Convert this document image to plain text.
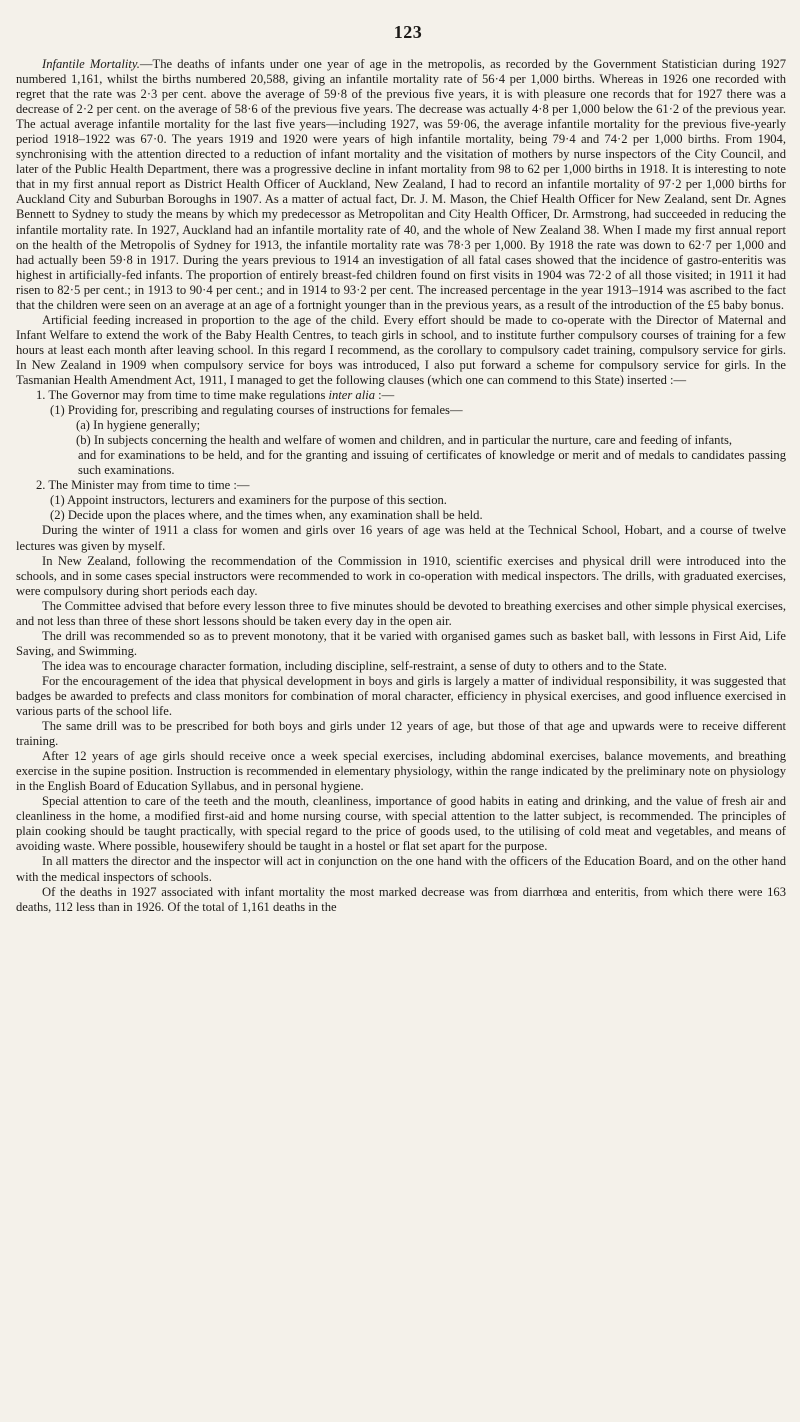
123

Infantile Mortality.—The deaths of infants under one year of age in the metropolis, as recorded by the Government Statistician during 1927 numbered 1,161, whilst the births numbered 20,588, giving an infantile mortality rate of 56·4 per 1,000 births. Whereas in 1926 one recorded with regret that the rate was 2·3 per cent. above the average of 59·8 of the previous five years, it is with pleasure one records that for 1927 there was a decrease of 2·2 per cent. on the average of 58·6 of the previous five years. The decrease was actually 4·8 per 1,000 below the 61·2 of the previous year. The actual average infantile mortality for the last five years—including 1927, was 59·06, the average infantile mortality for the previous five-yearly period 1918–1922 was 67·0. The years 1919 and 1920 were years of high infantile mortality, being 79·4 and 74·2 per 1,000 births. From 1904, synchronising with the attention directed to a reduction of infant mortality and the visitation of mothers by nurse inspectors of the City Council, and later of the Public Health Department, there was a progressive decline in infant mortality from 98 to 62 per 1,000 births in 1918. It is interesting to note that in my first annual report as District Health Officer of Auckland, New Zealand, I had to record an infantile mortality of 97·2 per 1,000 births for Auckland City and Suburban Boroughs in 1907. As a matter of actual fact, Dr. J. M. Mason, the Chief Health Officer for New Zealand, sent Dr. Agnes Bennett to Sydney to study the means by which my predecessor as Metropolitan and City Health Officer, Dr. Armstrong, had succeeded in reducing the infantile mortality rate. In 1927, Auckland had an infantile mortality rate of 40, and the whole of New Zealand 38. When I made my first annual report on the health of the Metropolis of Sydney for 1913, the infantile mortality rate was 78·3 per 1,000. By 1918 the rate was down to 62·7 per 1,000 and had actually been 59·8 in 1917. During the years previous to 1914 an investigation of all fatal cases showed that the incidence of gastro-enteritis was highest in artificially-fed infants. The proportion of entirely breast-fed children found on first visits in 1904 was 72·2 of all those visited; in 1911 it had risen to 82·5 per cent.; in 1913 to 90·4 per cent.; and in 1914 to 93·2 per cent. The increased percentage in the year 1913–1914 was ascribed to the fact that the children were seen on an average at an age of a fortnight younger than in the previous years, as a result of the introduction of the £5 baby bonus.

Artificial feeding increased in proportion to the age of the child. Every effort should be made to co-operate with the Director of Maternal and Infant Welfare to extend the work of the Baby Health Centres, to teach girls in school, and to institute further compulsory courses of training for a few hours at least each month after leaving school. In this regard I recommend, as the corollary to compulsory cadet training, compulsory service for girls. In New Zealand in 1909 when compulsory service for boys was introduced, I also put forward a scheme for compulsory service for girls. In the Tasmanian Health Amendment Act, 1911, I managed to get the following clauses (which one can commend to this State) inserted :—

1. The Governor may from time to time make regulations inter alia :—

(1) Providing for, prescribing and regulating courses of instructions for females—

(a) In hygiene generally;

(b) In subjects concerning the health and welfare of women and children, and in particular the nurture, care and feeding of infants,

and for examinations to be held, and for the granting and issuing of certificates of knowledge or merit and of medals to candidates passing such examinations.

2. The Minister may from time to time :—

(1) Appoint instructors, lecturers and examiners for the purpose of this section.

(2) Decide upon the places where, and the times when, any examination shall be held.

During the winter of 1911 a class for women and girls over 16 years of age was held at the Technical School, Hobart, and a course of twelve lectures was given by myself.

In New Zealand, following the recommendation of the Commission in 1910, scientific exercises and physical drill were introduced into the schools, and in some cases special instructors were recommended to work in co-operation with medical inspectors. The drills, with graduated exercises, were compulsory during short periods each day.

The Committee advised that before every lesson three to five minutes should be devoted to breathing exercises and other simple physical exercises, and not less than three of these short lessons should be taken every day in the open air.

The drill was recommended so as to prevent monotony, that it be varied with organised games such as basket ball, with lessons in First Aid, Life Saving, and Swimming.

The idea was to encourage character formation, including discipline, self-restraint, a sense of duty to others and to the State.

For the encouragement of the idea that physical development in boys and girls is largely a matter of individual responsibility, it was suggested that badges be awarded to prefects and class monitors for combination of moral character, efficiency in physical exercises, and good influence exercised in various parts of the school life.

The same drill was to be prescribed for both boys and girls under 12 years of age, but those of that age and upwards were to receive different training.

After 12 years of age girls should receive once a week special exercises, including abdominal exercises, balance movements, and breathing exercise in the supine position. Instruction is recommended in elementary physiology, within the range indicated by the preliminary note on physiology in the English Board of Education Syllabus, and in personal hygiene.

Special attention to care of the teeth and the mouth, cleanliness, importance of good habits in eating and drinking, and the value of fresh air and cleanliness in the home, a modified first-aid and home nursing course, with special attention to the latter subject, is recommended. The principles of plain cooking should be taught practically, with special regard to the price of goods used, to the utilising of cold meat and vegetables, and means of avoiding waste. Where possible, housewifery should be taught in a hostel or flat set apart for the purpose.

In all matters the director and the inspector will act in conjunction on the one hand with the officers of the Education Board, and on the other hand with the medical inspectors of schools.

Of the deaths in 1927 associated with infant mortality the most marked decrease was from diarrhœa and enteritis, from which there were 163 deaths, 112 less than in 1926. Of the total of 1,161 deaths in the
